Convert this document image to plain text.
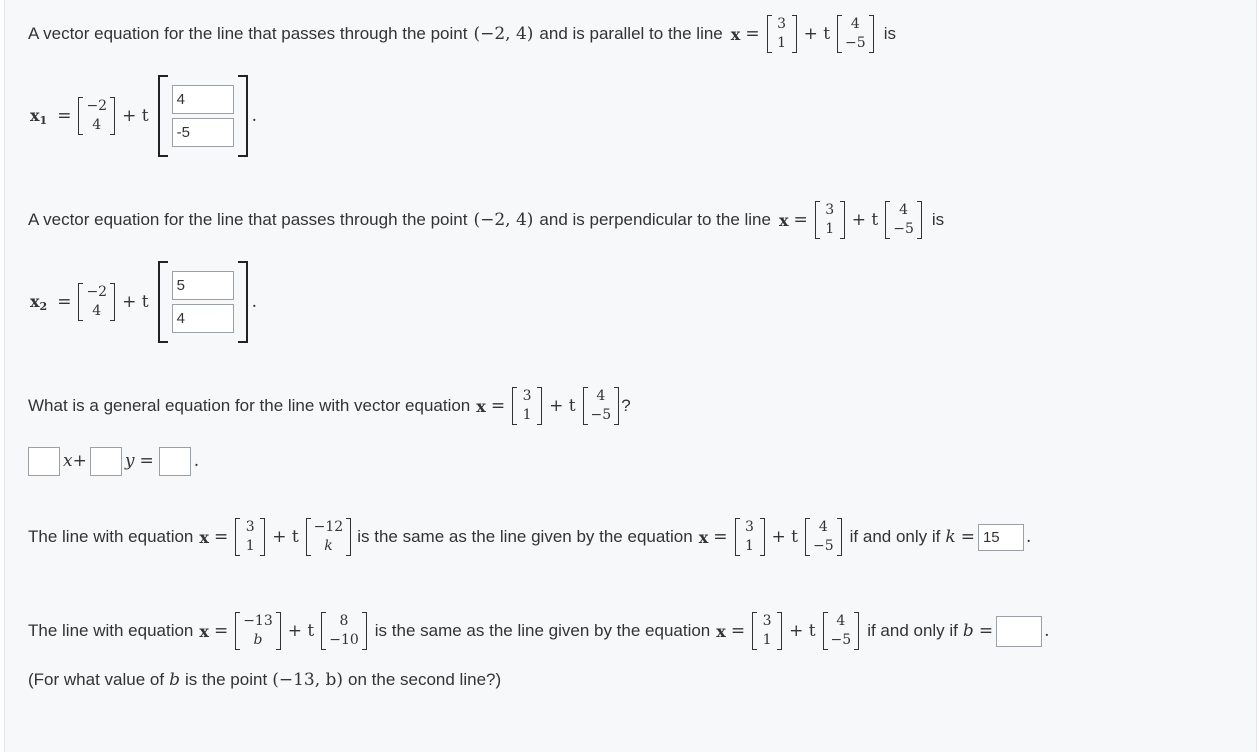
A vector equation for the line that passes through the point (−2, 4) and is parallel to the line x = 3
1 + t 4
−5 is
$x_1 = -2$
4 + t
4
-5
.
A vector equation for the line that passes through the point (−2, 4) and is perpendicular to the line x = 3
1 + t 4
−5 is
$x_2 = -2$
4 + t
5
4
.
What is a general equation for the line with vector equation x = 3
1 + t 4
−5 ?
x+ y = .
The line with equation x = 3
1 + t −12
k is the same as the line given by the equation x = 3
1 + t 4
−5 if and only if k = 15	.
The line with equation x = −13
b + t 8
−10 is the same as the line given by the equation x = 3
1 + t 4
−5 if and only if b =	.
(For what value of b is the point (−13, b) on the second line?)
